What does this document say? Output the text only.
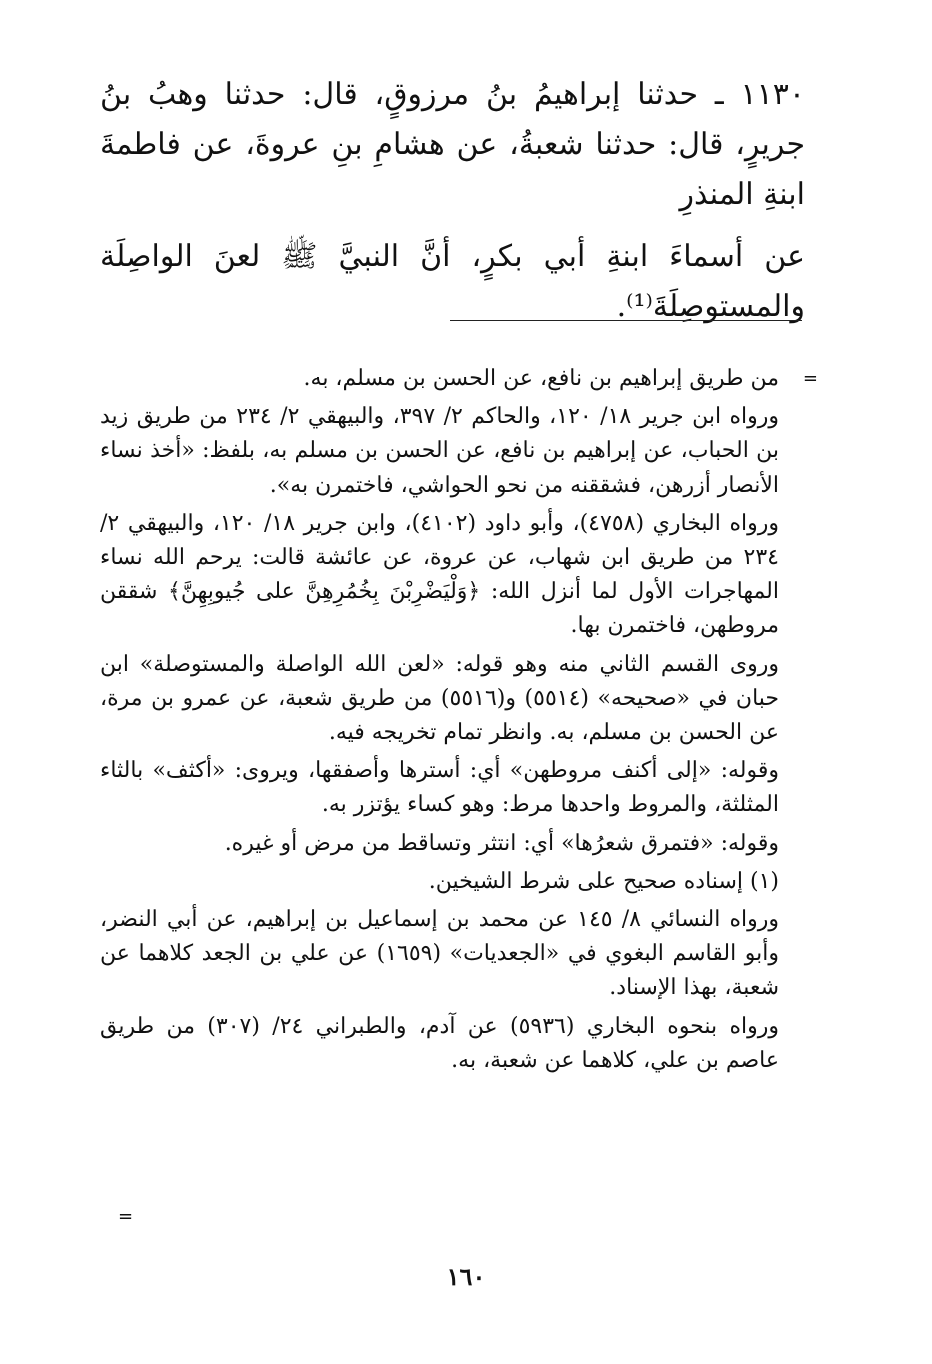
١١٣٠ ـ حدثنا إبراهيمُ بنُ مرزوقٍ، قال: حدثنا وهبُ بنُ جريرٍ، قال: حدثنا شعبةُ، عن هشامِ بنِ عروةَ، عن فاطمةَ ابنةِ المنذرِ

عن أسماءَ ابنةِ أبي بكرٍ، أنَّ النبيَّ ﷺ لعنَ الواصِلَة والمستوصِلَةَ⁽¹⁾.

=

من طريق إبراهيم بن نافع، عن الحسن بن مسلم، به.

ورواه ابن جرير ١٨/ ١٢٠، والحاكم ٢/ ٣٩٧، والبيهقي ٢/ ٢٣٤ من طريق زيد بن الحباب، عن إبراهيم بن نافع، عن الحسن بن مسلم به، بلفظ: «أخذ نساء الأنصار أزرهن، فشققنه من نحو الحواشي، فاختمرن به».

ورواه البخاري (٤٧٥٨)، وأبو داود (٤١٠٢)، وابن جرير ١٨/ ١٢٠، والبيهقي ٢/ ٢٣٤ من طريق ابن شهاب، عن عروة، عن عائشة قالت: يرحم الله نساء المهاجرات الأول لما أنزل الله: ﴿وَلْيَضْرِبْنَ بِخُمُرِهِنَّ على جُيوبِهِنَّ﴾ شققن مروطهن، فاختمرن بها.

وروى القسم الثاني منه وهو قوله: «لعن الله الواصلة والمستوصلة» ابن حبان في «صحيحه» (٥٥١٤) و(٥٥١٦) من طريق شعبة، عن عمرو بن مرة، عن الحسن بن مسلم، به. وانظر تمام تخريجه فيه.

وقوله: «إلى أكنف مروطهن» أي: أسترها وأصفقها، ويروى: «أكثف» بالثاء المثلثة، والمروط واحدها مرط: وهو كساء يؤتزر به.

وقوله: «فتمرق شعرُها» أي: انتثر وتساقط من مرض أو غيره.

(١) إسناده صحيح على شرط الشيخين.

ورواه النسائي ٨/ ١٤٥ عن محمد بن إسماعيل بن إبراهيم، عن أبي النضر، وأبو القاسم البغوي في «الجعديات» (١٦٥٩) عن علي بن الجعد كلاهما عن شعبة، بهذا الإسناد.

ورواه بنحوه البخاري (٥٩٣٦) عن آدم، والطبراني ٢٤/ (٣٠٧) من طريق عاصم بن علي، كلاهما عن شعبة، به.

=
١٦٠
